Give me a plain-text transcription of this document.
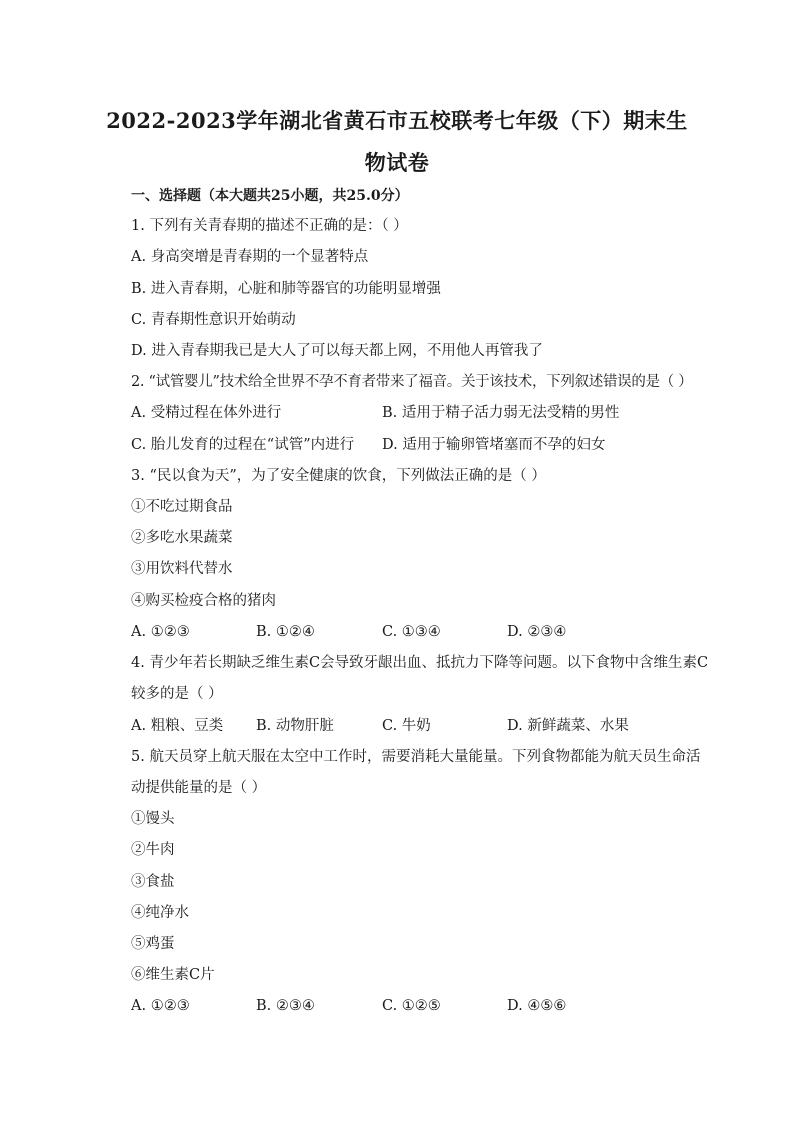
2022-2023学年湖北省黄石市五校联考七年级（下）期末生物试卷
一、选择题（本大题共25小题，共25.0分）
1. 下列有关青春期的描述不正确的是：（ ）
A. 身高突增是青春期的一个显著特点
B. 进入青春期，心脏和肺等器官的功能明显增强
C. 青春期性意识开始萌动
D. 进入青春期我已是大人了可以每天都上网，不用他人再管我了
2. “试管婴儿”技术给全世界不孕不育者带来了福音。关于该技术，下列叙述错误的是（ ）
A. 受精过程在体外进行	B. 适用于精子活力弱无法受精的男性
C. 胎儿发育的过程在“试管”内进行 D. 适用于输卵管堵塞而不孕的妇女
3. “民以食为天”，为了安全健康的饮食，下列做法正确的是（ ）
①不吃过期食品
②多吃水果蔬菜
③用饮料代替水
④购买检疫合格的猪肉
A. ①②③	B. ①②④	C. ①③④	D. ②③④
4. 青少年若长期缺乏维生素C会导致牙龈出血、抵抗力下降等问题。以下食物中含维生素C
较多的是（ ）
A. 粗粮、豆类 B. 动物肝脏	C. 牛奶	D. 新鲜蔬菜、水果
5. 航天员穿上航天服在太空中工作时，需要消耗大量能量。下列食物都能为航天员生命活
动提供能量的是（ ）
①馒头
②牛肉
③食盐
④纯净水
⑤鸡蛋
⑥维生素C片
A. ①②③	B. ②③④	C. ①②⑤	D. ④⑤⑥
